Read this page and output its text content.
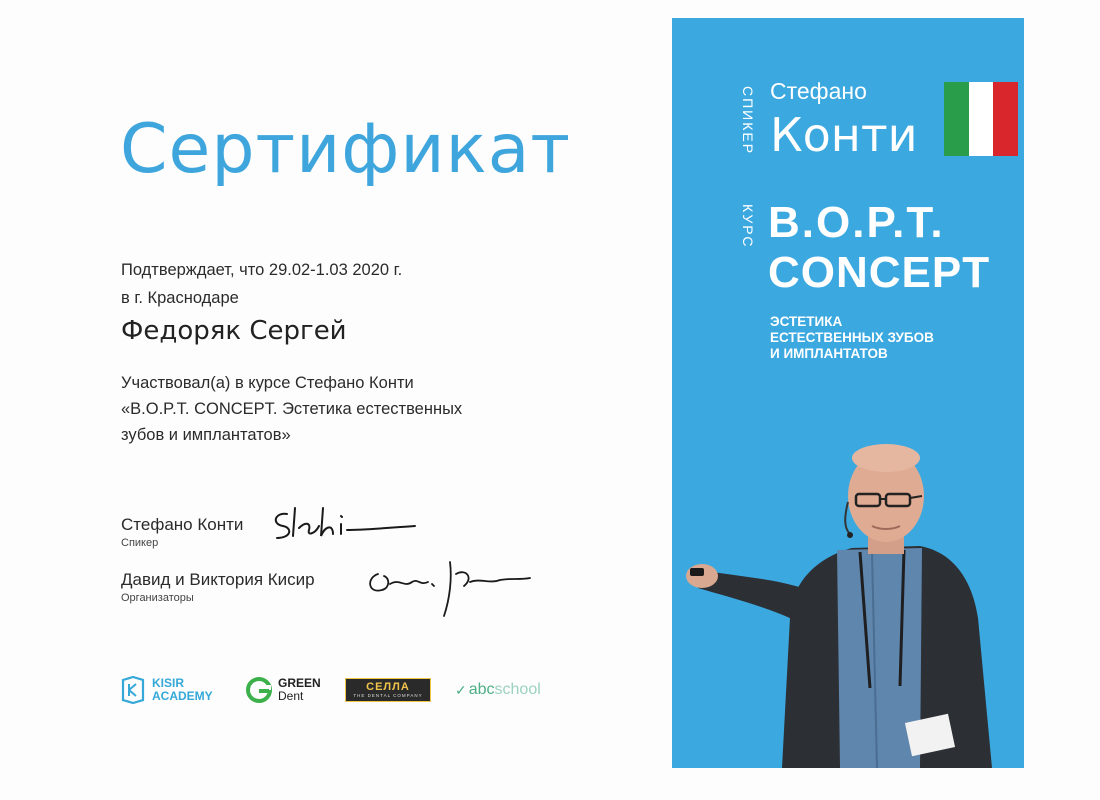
Сертификат
Подтверждает, что 29.02-1.03 2020 г.
в г. Краснодаре
Федоряк Сергей
Участвовал(а) в курсе Стефано Конти
«B.O.P.T. CONCEPT. Эстетика естественных
зубов и имплантатов»
Стефано Конти
Спикер
Давид и Виктория Кисир
Организаторы
KISIR
ACADEMY
GREEN
Dent
СЕЛЛА
THE DENTAL COMPANY ✓ abc school
СПИКЕР
КУРС
Стефано
Конти
B.O.P.T.
CONCEPT
ЭСТЕТИКА
ЕСТЕСТВЕННЫХ ЗУБОВ
И ИМПЛАНТАТОВ
